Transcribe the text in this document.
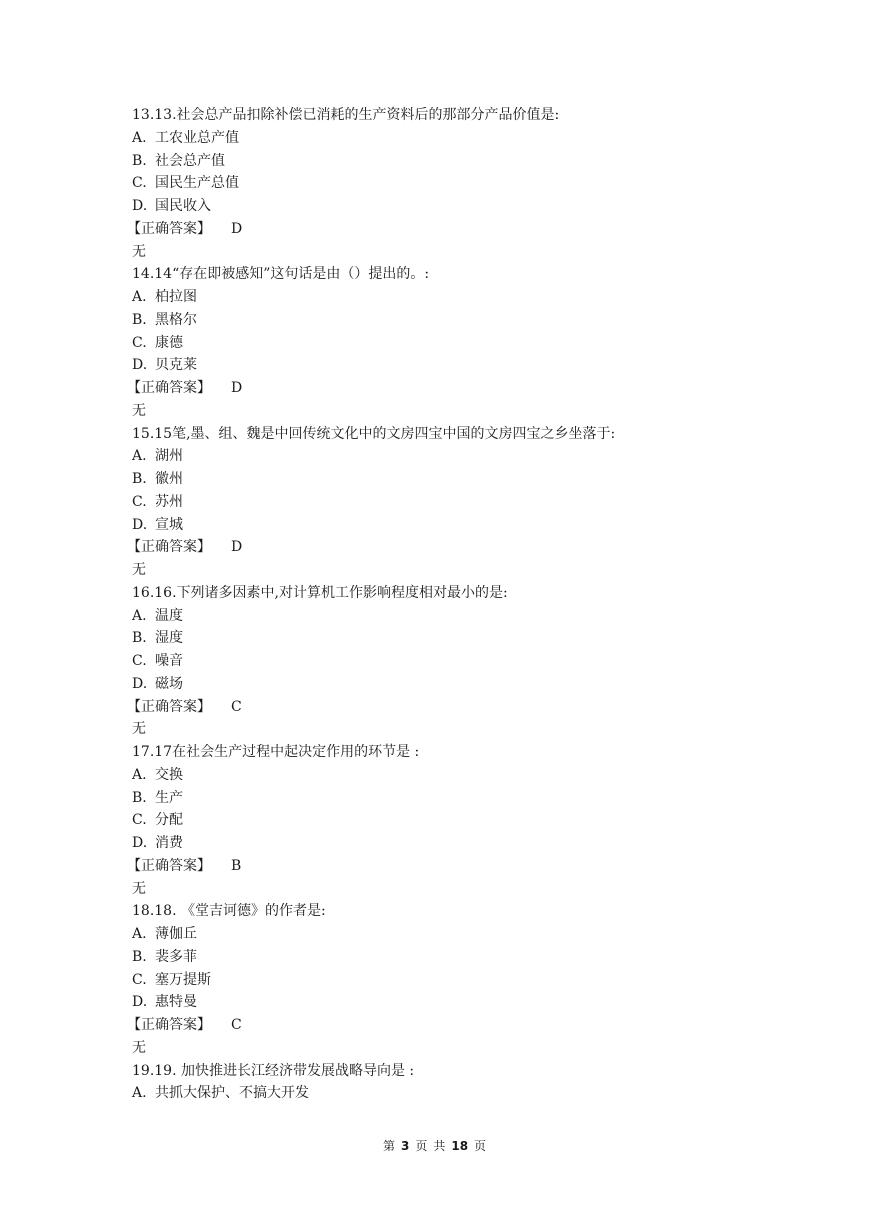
13.13.社会总产品扣除补偿已消耗的生产资料后的那部分产品价值是:
A. 工农业总产值
B. 社会总产值
C. 国民生产总值
D. 国民收入
【正确答案】 D
无
14.14“存在即被感知”这句话是由（）提出的。:
A. 柏拉图
B. 黑格尔
C. 康德
D. 贝克莱
【正确答案】 D
无
15.15笔,墨、组、魏是中回传统文化中的文房四宝中国的文房四宝之乡坐落于:
A. 湖州
B. 徽州
C. 苏州
D. 宣城
【正确答案】 D
无
16.16.下列诸多因素中,对计算机工作影响程度相对最小的是:
A. 温度
B. 湿度
C. 噪音
D. 磁场
【正确答案】 C
无
17.17在社会生产过程中起决定作用的环节是 :
A. 交换
B. 生产
C. 分配
D. 消费
【正确答案】 B
无
18.18. 《堂吉诃德》的作者是:
A. 薄伽丘
B. 裴多菲
C. 塞万提斯
D. 惠特曼
【正确答案】 C
无
19.19. 加快推进长江经济带发展战略导向是 :
A. 共抓大保护、不搞大开发
第 3 页 共 18 页
